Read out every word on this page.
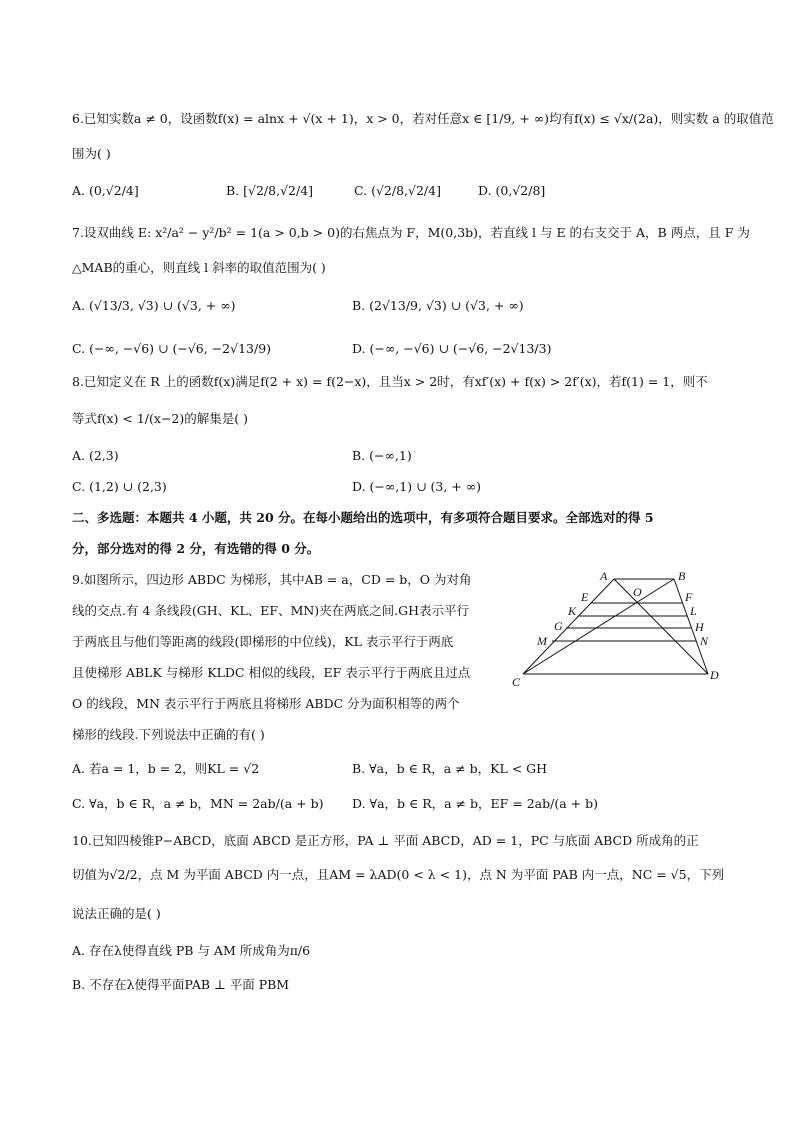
6.已知实数a ≠ 0，设函数f(x) = alnx + √(x + 1)，x > 0，若对任意x ∈ [1/9, + ∞)均有f(x) ≤ √x/(2a)，则实数 a 的取值范
围为( )
A. (0,√2/4]	B. [√2/8,√2/4]	C. (√2/8,√2/4]	D. (0,√2/8]
7.设双曲线 E: x²/a² − y²/b² = 1(a > 0,b > 0)的右焦点为 F，M(0,3b)，若直线 l 与 E 的右支交于 A，B 两点，且 F 为
△MAB的重心，则直线 l 斜率的取值范围为( )
A. (√13/3, √3) ∪ (√3, + ∞)	B. (2√13/9, √3) ∪ (√3, + ∞)
C. (−∞, −√6) ∪ (−√6, −2√13/9)	D. (−∞, −√6) ∪ (−√6, −2√13/3)
8.已知定义在 R 上的函数f(x)满足f(2 + x) = f(2−x)，且当x > 2时，有xf′(x) + f(x) > 2f′(x)，若f(1) = 1，则不
等式f(x) < 1/(x−2)的解集是( )
A. (2,3)	B. (−∞,1)
C. (1,2) ∪ (2,3)	D. (−∞,1) ∪ (3, + ∞)
二、多选题：本题共 4 小题，共 20 分。在每小题给出的选项中，有多项符合题目要求。全部选对的得 5
分，部分选对的得 2 分，有选错的得 0 分。
9.如图所示，四边形 ABDC 为梯形，其中AB = a，CD = b，O 为对角
线的交点.有 4 条线段(GH、KL、EF、MN)夹在两底之间.GH表示平行
于两底且与他们等距离的线段(即梯形的中位线)，KL 表示平行于两底
且使梯形 ABLK 与梯形 KLDC 相似的线段，EF 表示平行于两底且过点
O 的线段，MN 表示平行于两底且将梯形 ABDC 分为面积相等的两个
梯形的线段.下列说法中正确的有( )
A	B
O
E	F
K	L
G	H
M	N
C	D
A. 若a = 1，b = 2，则KL = √2	B. ∀a，b ∈ R，a ≠ b，KL < GH
C. ∀a，b ∈ R，a ≠ b，MN = 2ab/(a + b) D. ∀a，b ∈ R，a ≠ b，EF = 2ab/(a + b)
10.已知四棱锥P−ABCD，底面 ABCD 是正方形，PA ⊥ 平面 ABCD，AD = 1，PC 与底面 ABCD 所成角的正
切值为√2/2，点 M 为平面 ABCD 内一点，且AM = λAD(0 < λ < 1)，点 N 为平面 PAB 内一点，NC = √5，下列
说法正确的是( )
A. 存在λ使得直线 PB 与 AM 所成角为π/6
B. 不存在λ使得平面PAB ⊥ 平面 PBM
